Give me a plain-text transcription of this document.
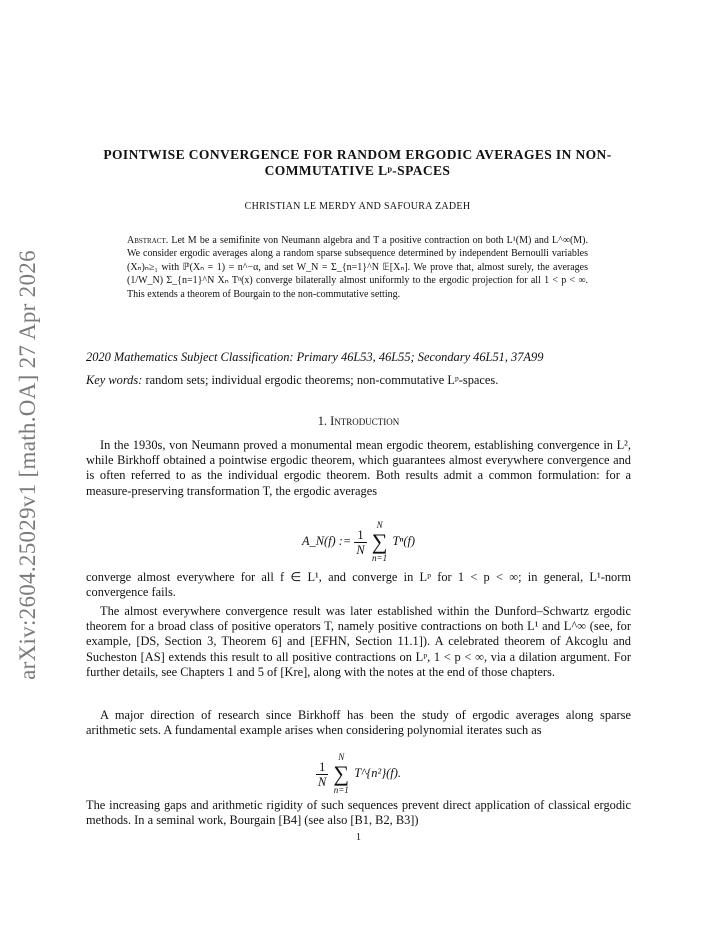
arXiv:2604.25029v1 [math.OA] 27 Apr 2026
POINTWISE CONVERGENCE FOR RANDOM ERGODIC AVERAGES IN NON-COMMUTATIVE Lᵖ-SPACES
CHRISTIAN LE MERDY AND SAFOURA ZADEH
Abstract. Let M be a semifinite von Neumann algebra and T a positive contraction on both L¹(M) and L^∞(M). We consider ergodic averages along a random sparse subsequence determined by independent Bernoulli variables (Xₙ)ₙ≥₁ with ℙ(Xₙ = 1) = n^−α, and set W_N = Σ_{n=1}^N 𝔼[Xₙ]. We prove that, almost surely, the averages (1/W_N) Σ_{n=1}^N Xₙ Tⁿ(x) converge bilaterally almost uniformly to the ergodic projection for all 1 < p < ∞. This extends a theorem of Bourgain to the non-commutative setting.
2020 Mathematics Subject Classification: Primary 46L53, 46L55; Secondary 46L51, 37A99
Key words: random sets; individual ergodic theorems; non-commutative Lᵖ-spaces.
1. Introduction
In the 1930s, von Neumann proved a monumental mean ergodic theorem, establishing convergence in L², while Birkhoff obtained a pointwise ergodic theorem, which guarantees almost everywhere convergence and is often referred to as the individual ergodic theorem. Both results admit a common formulation: for a measure-preserving transformation T, the ergodic averages
A_N(f) := $\frac{1}{N}$

N
∑
n=1
Tⁿ(f)
converge almost everywhere for all f ∈ L¹, and converge in Lᵖ for 1 < p < ∞; in general, L¹-norm convergence fails.
The almost everywhere convergence result was later established within the Dunford–Schwartz ergodic theorem for a broad class of positive operators T, namely positive contractions on both L¹ and L^∞ (see, for example, [DS, Section 3, Theorem 6] and [EFHN, Section 11.1]). A celebrated theorem of Akcoglu and Sucheston [AS] extends this result to all positive contractions on Lᵖ, 1 < p < ∞, via a dilation argument. For further details, see Chapters 1 and 5 of [Kre], along with the notes at the end of those chapters.
A major direction of research since Birkhoff has been the study of ergodic averages along sparse arithmetic sets. A fundamental example arises when considering polynomial iterates such as
$\frac{1}{N}$

N
∑
n=1
T^{n²}(f).
The increasing gaps and arithmetic rigidity of such sequences prevent direct application of classical ergodic methods. In a seminal work, Bourgain [B4] (see also [B1, B2, B3])
1
